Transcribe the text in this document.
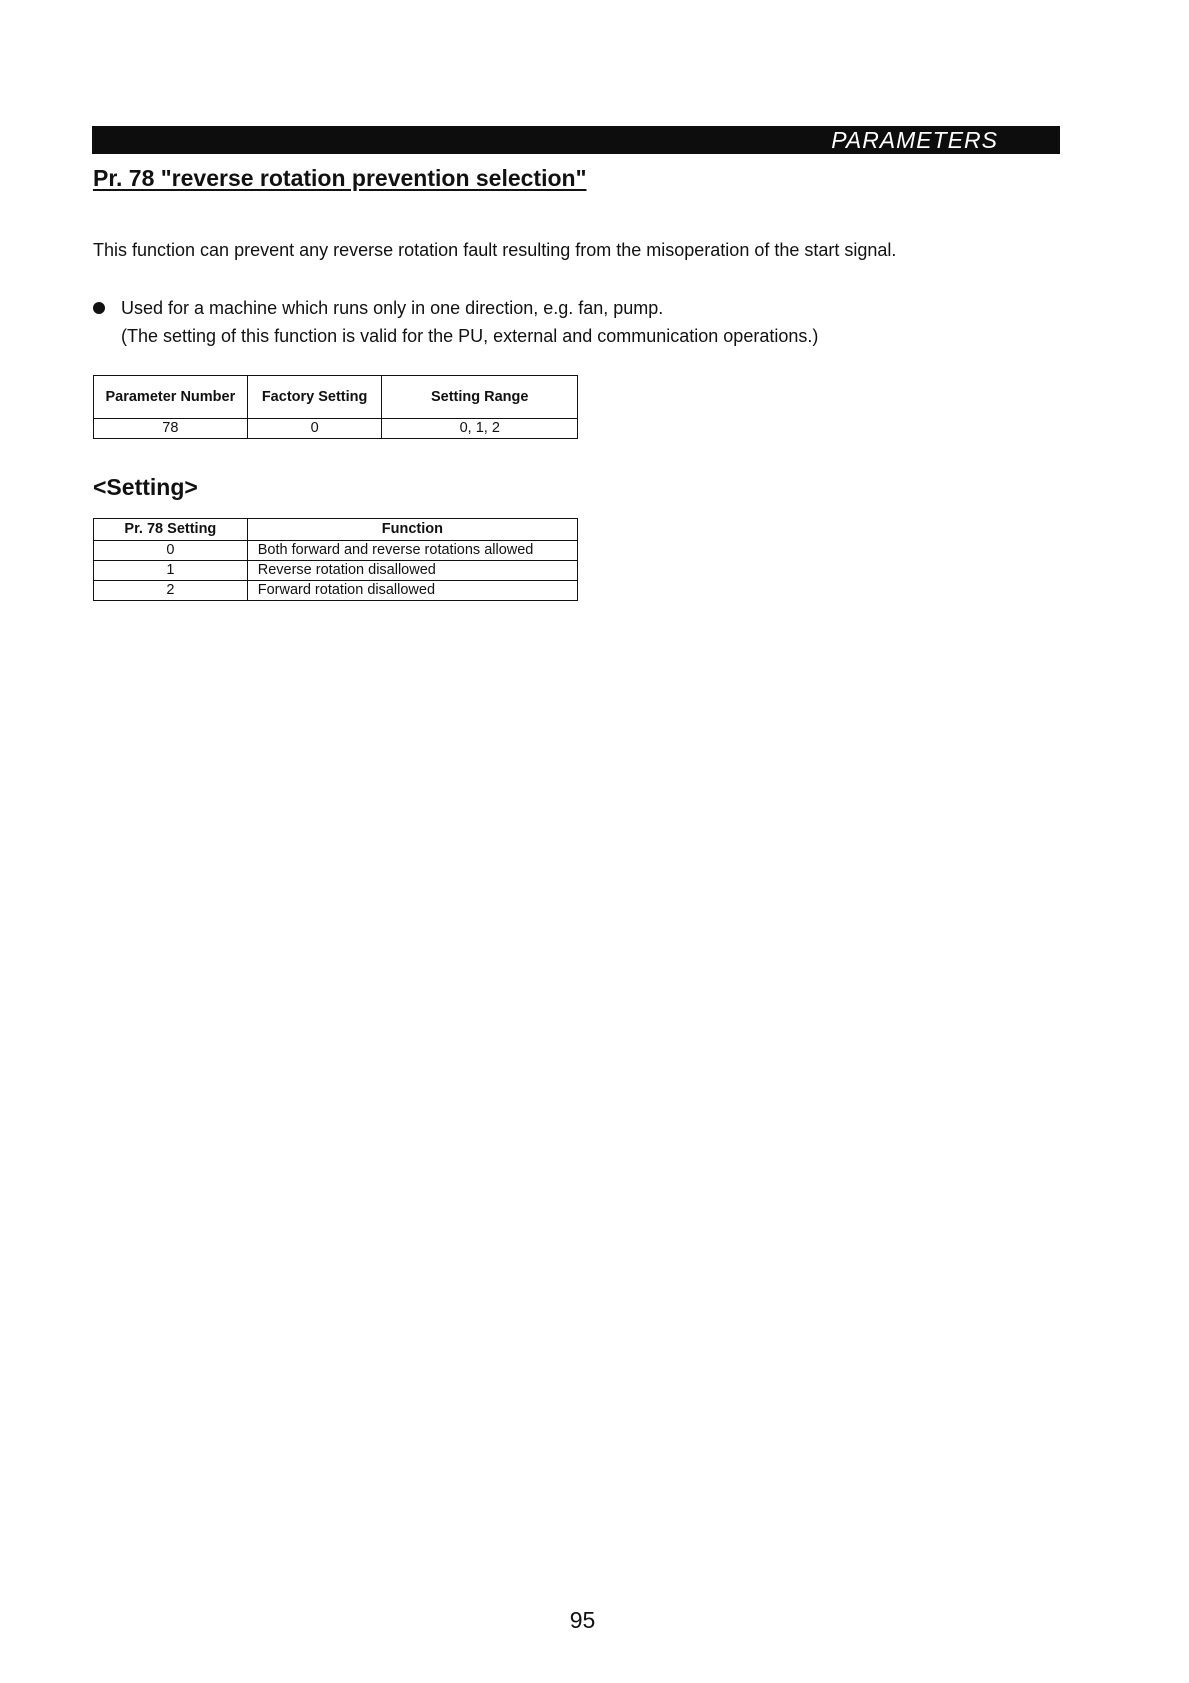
PARAMETERS
Pr. 78 "reverse rotation prevention selection"

This function can prevent any reverse rotation fault resulting from the misoperation of the start signal.

Used for a machine which runs only in one direction, e.g. fan, pump.

(The setting of this function is valid for the PU, external and communication operations.)

Parameter Number	Factory Setting	Setting Range
78	0	0, 1, 2
<Setting>
Pr. 78 Setting	Function
0	Both forward and reverse rotations allowed
1	Reverse rotation disallowed
2	Forward rotation disallowed
95
